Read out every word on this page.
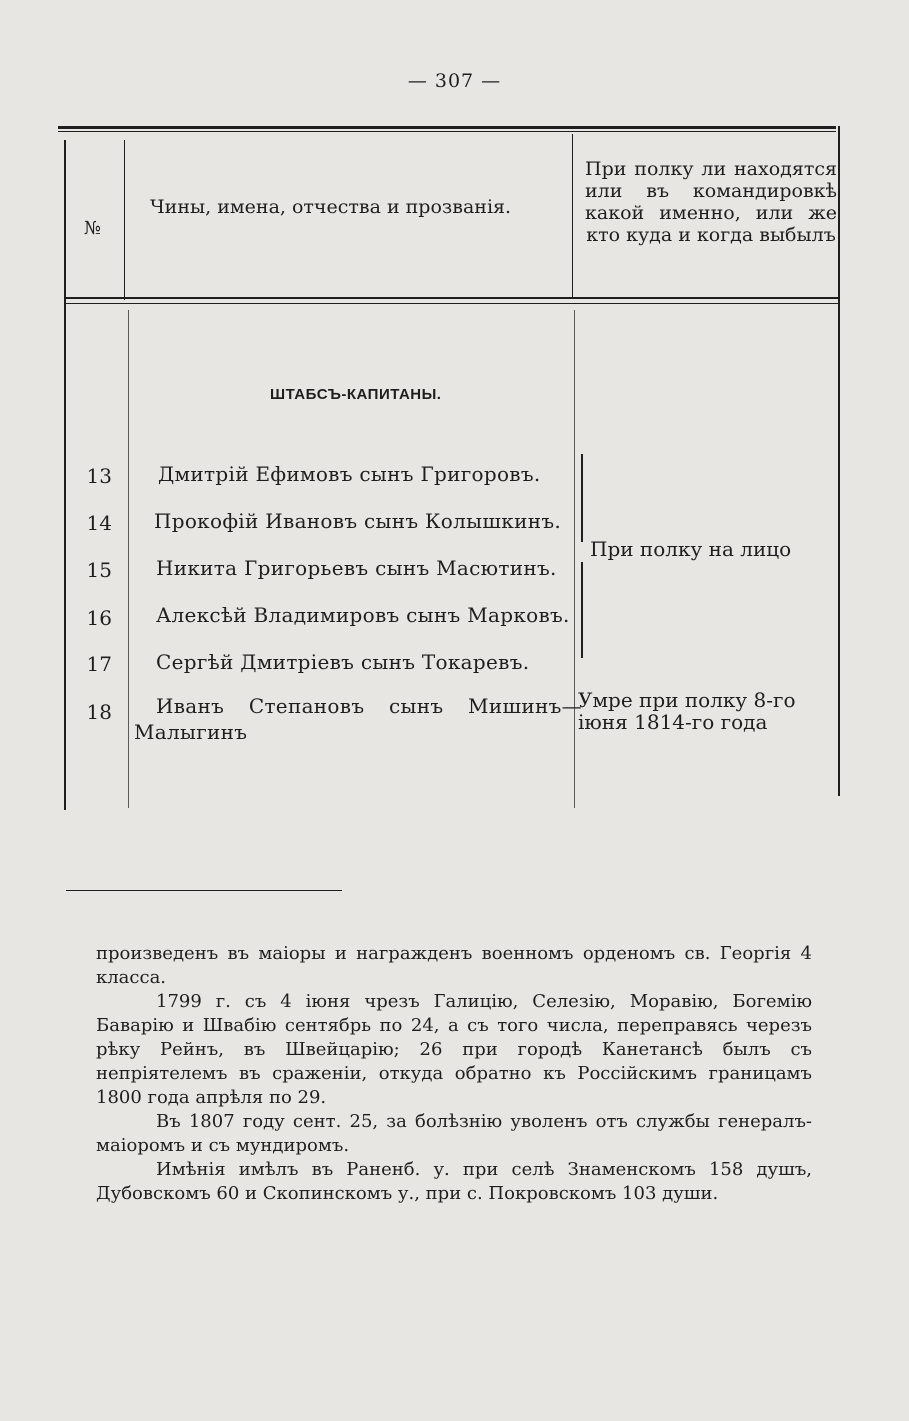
— 307 —
№
Чины, имена, отчества и прозванія.
При полку ли находятся или въ командировкѣ какой именно, или же кто куда и когда выбылъ
ШТАБСЪ-КАПИТАНЫ.
13 Дмитрій Ефимовъ сынъ Григоровъ.
14 Прокофій Ивановъ сынъ Колышкинъ.
15 Никита Григорьевъ сынъ Масютинъ.
16 Алексѣй Владимировъ сынъ Марковъ.
17 Сергѣй Дмитріевъ сынъ Токаревъ.
18 Иванъ Степановъ сынъ Мишинъ—
Малыгинъ
При полку на лицо
Умре при полку 8-го
іюня 1814-го года

произведенъ въ маіоры и награжденъ военномъ орденомъ св. Георгія 4 класса.

1799 г. съ 4 іюня чрезъ Галицію, Селезію, Моравію, Богемію Баварію и Швабію сентябрь по 24, а съ того числа, переправясь черезъ рѣку Рейнъ, въ Швейцарію; 26 при городѣ Канетансѣ былъ съ непріятелемъ въ сраженіи, откуда обратно къ Россійскимъ границамъ 1800 года апрѣля по 29.

Въ 1807 году сент. 25, за болѣзнію уволенъ отъ службы генералъ-маіоромъ и съ мундиромъ.

Имѣнія имѣлъ въ Раненб. у. при селѣ Знаменскомъ 158 душъ, Дубовскомъ 60 и Скопинскомъ у., при с. Покровскомъ 103 души.
